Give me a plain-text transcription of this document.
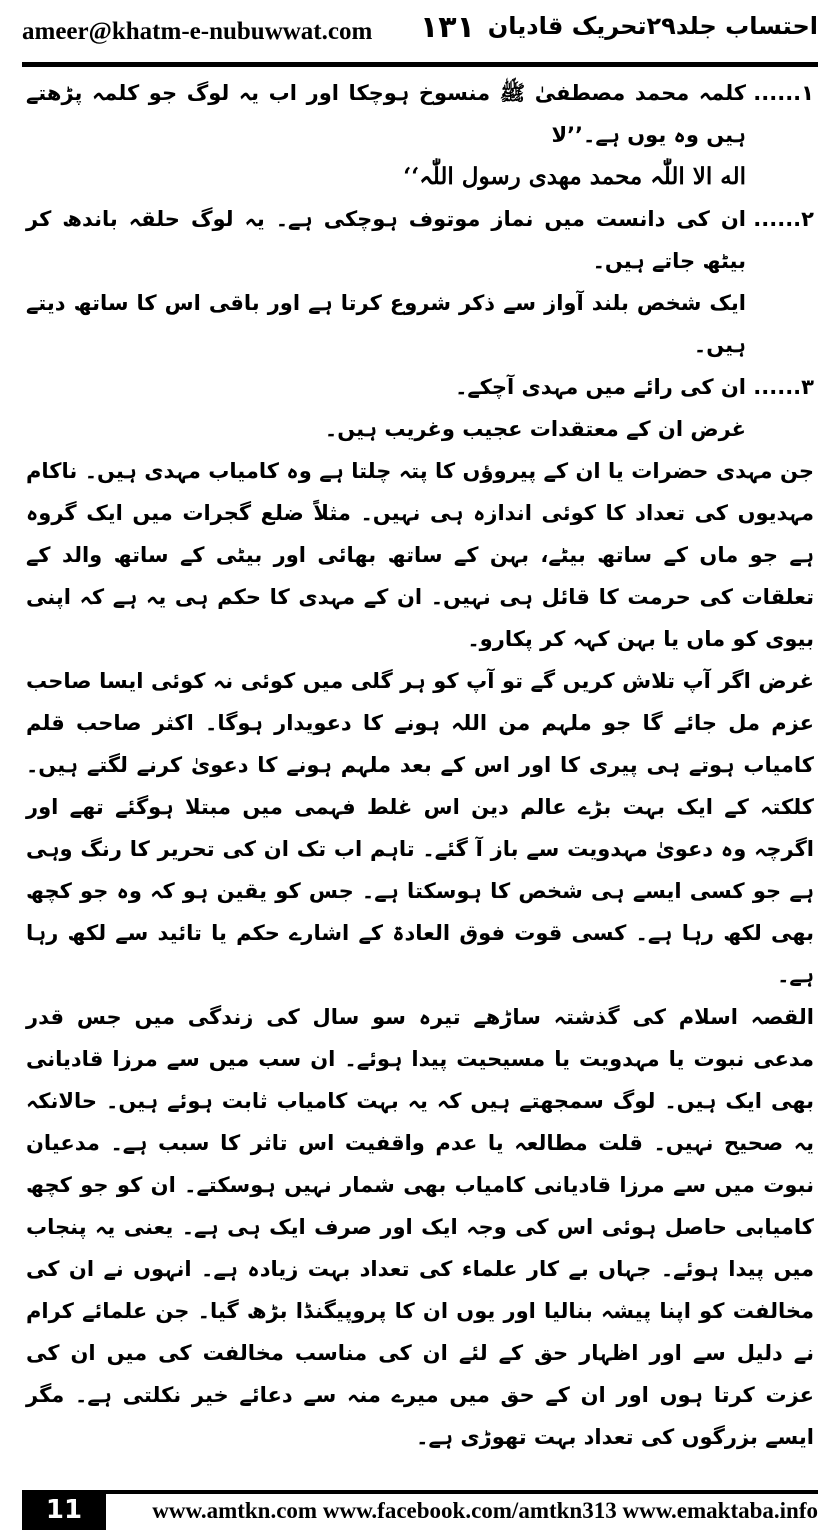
ameer@khatm-e-nubuwwat.com ١٣١ احتساب جلد۲۹تحریک قادیان
۱......
کلمہ محمد مصطفیٰ ﷺ منسوخ ہوچکا اور اب یہ لوگ جو کلمہ پڑھتے ہیں وہ یوں ہے۔’’لا
اله الا اللّٰہ محمد مھدی رسول اللّٰہ‘‘
۲......
ان کی دانست میں نماز موتوف ہوچکی ہے۔ یہ لوگ حلقہ باندھ کر بیٹھ جاتے ہیں۔
ایک شخص بلند آواز سے ذکر شروع کرتا ہے اور باقی اس کا ساتھ دیتے ہیں۔
۳......
ان کی رائے میں مہدی آچکے۔
غرض ان کے معتقدات عجیب وغریب ہیں۔
جن مہدی حضرات یا ان کے پیروؤں کا پتہ چلتا ہے وہ کامیاب مہدی ہیں۔ ناکام مہدیوں کی تعداد کا کوئی اندازہ ہی نہیں۔ مثلاً ضلع گجرات میں ایک گروہ ہے جو ماں کے ساتھ بیٹے، بہن کے ساتھ بھائی اور بیٹی کے ساتھ والد کے تعلقات کی حرمت کا قائل ہی نہیں۔ ان کے مہدی کا حکم ہی یہ ہے کہ اپنی بیوی کو ماں یا بہن کہہ کر پکارو۔
غرض اگر آپ تلاش کریں گے تو آپ کو ہر گلی میں کوئی نہ کوئی ایسا صاحب عزم مل جائے گا جو ملہم من اللہ ہونے کا دعویدار ہوگا۔ اکثر صاحب قلم کامیاب ہوتے ہی پیری کا اور اس کے بعد ملہم ہونے کا دعویٰ کرنے لگتے ہیں۔ کلکتہ کے ایک بہت بڑے عالم دین اس غلط فہمی میں مبتلا ہوگئے تھے اور اگرچہ وہ دعویٰ مہدویت سے باز آ گئے۔ تاہم اب تک ان کی تحریر کا رنگ وہی ہے جو کسی ایسے ہی شخص کا ہوسکتا ہے۔ جس کو یقین ہو کہ وہ جو کچھ بھی لکھ رہا ہے۔ کسی قوت فوق العادۃ کے اشارے حکم یا تائید سے لکھ رہا ہے۔
القصہ اسلام کی گذشتہ ساڑھے تیرہ سو سال کی زندگی میں جس قدر مدعی نبوت یا مہدویت یا مسیحیت پیدا ہوئے۔ ان سب میں سے مرزا قادیانی بھی ایک ہیں۔ لوگ سمجھتے ہیں کہ یہ بہت کامیاب ثابت ہوئے ہیں۔ حالانکہ یہ صحیح نہیں۔ قلت مطالعہ یا عدم واقفیت اس تاثر کا سبب ہے۔ مدعیان نبوت میں سے مرزا قادیانی کامیاب بھی شمار نہیں ہوسکتے۔ ان کو جو کچھ کامیابی حاصل ہوئی اس کی وجہ ایک اور صرف ایک ہی ہے۔ یعنی یہ پنجاب میں پیدا ہوئے۔ جہاں بے کار علماء کی تعداد بہت زیادہ ہے۔ انہوں نے ان کی مخالفت کو اپنا پیشہ بنالیا اور یوں ان کا پروپیگنڈا بڑھ گیا۔ جن علمائے کرام نے دلیل سے اور اظہار حق کے لئے ان کی مناسب مخالفت کی میں ان کی عزت کرتا ہوں اور ان کے حق میں میرے منہ سے دعائے خیر نکلتی ہے۔ مگر ایسے بزرگوں کی تعداد بہت تھوڑی ہے۔
11	www.amtkn.com www.facebook.com/amtkn313 www.emaktaba.info
